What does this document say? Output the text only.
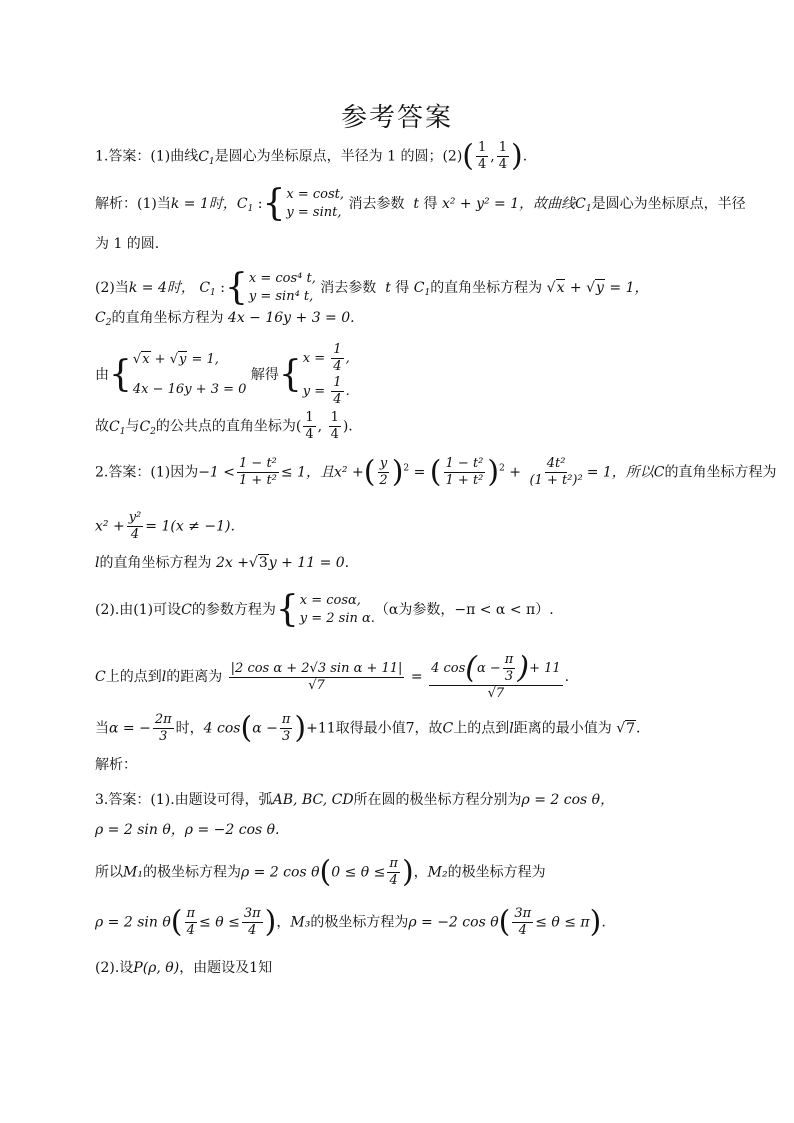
参考答案
1.答案：(1)曲线$C_1$是圆心为坐标原点，半径为 1 的圆；$(2)( \frac{1}{4}$ , $\frac{1}{4}$ ).
解析：(1)当k = 1时，$C_1$ :{ x = cost,
y = sint,
消去参数 t 得 x² + y² = 1，故曲线$C_1$是圆心为坐标原点，半径
为 1 的圆.
(2)当k = 4时， $C_1$ :{ x = cos⁴ t,
y = sin⁴ t,
消去参数 t 得 $C_1$的直角坐标方程为 √x + √y = 1，
$C_2$的直角坐标方程为 4x − 16y + 3 = 0.
由{ √x + √y = 1,
4x − 16y + 3 = 0
解得{ $x = \frac{1}{4}$ ,
$y = \frac{1}{4}$ .
故$C_1$与$C_2$的公共点的直角坐标为( $\frac{1}{4}$ , $\frac{1}{4}$ ).
2.答案：(1)因为$-1 < \frac{\text{1 − t²}}{\text{1 + t²}} \le 1$，且x² +( $\frac{y}{2} )^2$ = ( $\frac{\text{1 − t²}}{\text{1 + t²}} )^2 + \frac{\text{4t²}}{\text{(1 + t²)²}} = 1$，所以C的直角坐标方程为
$x^2 + \frac{\text{y²}}{4} = 1(x \ne -1)$.
l的直角坐标方程为 2x +√3y + 11 = 0.
(2).由(1)可设C的参数方程为{ x = cosα,
y = 2 sin α.
（α为参数，−π < α < π）.
C上的点到l的距离为 $\frac{\text{|2 cos α + 2√3 sin α + 11|}}{√7} = \frac{4 \cos(\alpha - \frac{\pi}{3} )+ 11}{√7}$ .
当α = − $\frac{2\pi}{3}$ 时，4 $\cos(\alpha - \frac{\pi}{3} )+11$取得最小值7，故C上的点到l距离的最小值为 √7.
解析：
3.答案：(1).由题设可得，弧AB, BC, CD所在圆的极坐标方程分别为ρ = 2 cos θ，
ρ = 2 sin θ，ρ = −2 cos θ.
所以M₁的极坐标方程为ρ = 2 $\cos \theta(0 \le \theta \le \frac{\pi}{4}$ )，M₂的极坐标方程为
ρ = 2 $\sin \theta( \frac{\pi}{4} \le \theta \le \frac{3\pi}{4}$ )，M₃的极坐标方程为ρ = −2 $\cos \theta( \frac{3\pi}{4} \le \theta \le \pi)$.
(2).设P(ρ, θ)，由题设及1知
